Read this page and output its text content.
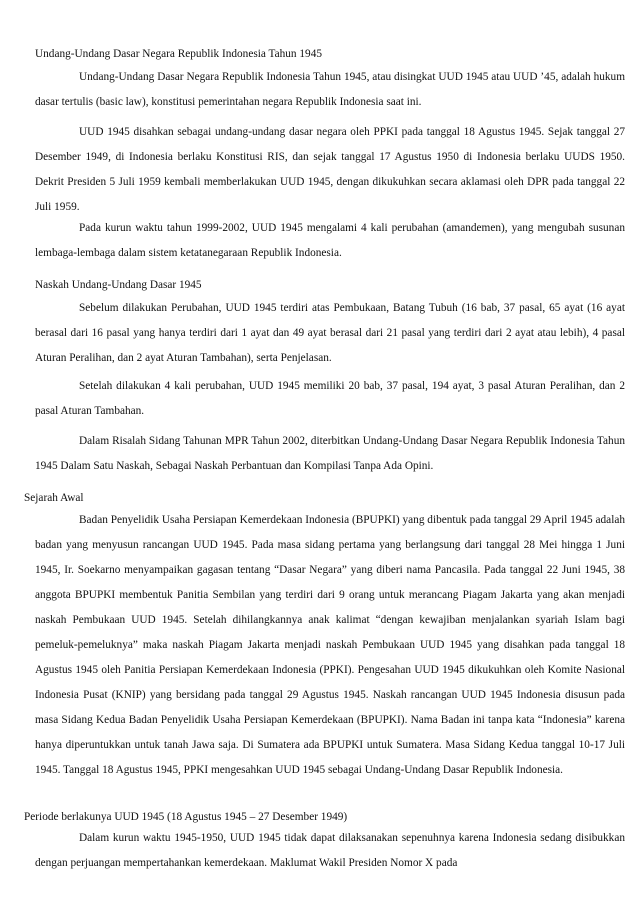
Undang-Undang Dasar Negara Republik Indonesia Tahun 1945
Undang-Undang Dasar Negara Republik Indonesia Tahun 1945, atau disingkat UUD 1945 atau UUD ’45, adalah hukum dasar tertulis (basic law), konstitusi pemerintahan negara Republik Indonesia saat ini.
UUD 1945 disahkan sebagai undang-undang dasar negara oleh PPKI pada tanggal 18 Agustus 1945. Sejak tanggal 27 Desember 1949, di Indonesia berlaku Konstitusi RIS, dan sejak tanggal 17 Agustus 1950 di Indonesia berlaku UUDS 1950. Dekrit Presiden 5 Juli 1959 kembali memberlakukan UUD 1945, dengan dikukuhkan secara aklamasi oleh DPR pada tanggal 22 Juli 1959.
Pada kurun waktu tahun 1999-2002, UUD 1945 mengalami 4 kali perubahan (amandemen), yang mengubah susunan lembaga-lembaga dalam sistem ketatanegaraan Republik Indonesia.
Naskah Undang-Undang Dasar 1945
Sebelum dilakukan Perubahan, UUD 1945 terdiri atas Pembukaan, Batang Tubuh (16 bab, 37 pasal, 65 ayat (16 ayat berasal dari 16 pasal yang hanya terdiri dari 1 ayat dan 49 ayat berasal dari 21 pasal yang terdiri dari 2 ayat atau lebih), 4 pasal Aturan Peralihan, dan 2 ayat Aturan Tambahan), serta Penjelasan.
Setelah dilakukan 4 kali perubahan, UUD 1945 memiliki 20 bab, 37 pasal, 194 ayat, 3 pasal Aturan Peralihan, dan 2 pasal Aturan Tambahan.
Dalam Risalah Sidang Tahunan MPR Tahun 2002, diterbitkan Undang-Undang Dasar Negara Republik Indonesia Tahun 1945 Dalam Satu Naskah, Sebagai Naskah Perbantuan dan Kompilasi Tanpa Ada Opini.
Sejarah Awal
Badan Penyelidik Usaha Persiapan Kemerdekaan Indonesia (BPUPKI) yang dibentuk pada tanggal 29 April 1945 adalah badan yang menyusun rancangan UUD 1945. Pada masa sidang pertama yang berlangsung dari tanggal 28 Mei hingga 1 Juni 1945, Ir. Soekarno menyampaikan gagasan tentang “Dasar Negara” yang diberi nama Pancasila. Pada tanggal 22 Juni 1945, 38 anggota BPUPKI membentuk Panitia Sembilan yang terdiri dari 9 orang untuk merancang Piagam Jakarta yang akan menjadi naskah Pembukaan UUD 1945. Setelah dihilangkannya anak kalimat “dengan kewajiban menjalankan syariah Islam bagi pemeluk-pemeluknya” maka naskah Piagam Jakarta menjadi naskah Pembukaan UUD 1945 yang disahkan pada tanggal 18 Agustus 1945 oleh Panitia Persiapan Kemerdekaan Indonesia (PPKI). Pengesahan UUD 1945 dikukuhkan oleh Komite Nasional Indonesia Pusat (KNIP) yang bersidang pada tanggal 29 Agustus 1945. Naskah rancangan UUD 1945 Indonesia disusun pada masa Sidang Kedua Badan Penyelidik Usaha Persiapan Kemerdekaan (BPUPKI). Nama Badan ini tanpa kata “Indonesia” karena hanya diperuntukkan untuk tanah Jawa saja. Di Sumatera ada BPUPKI untuk Sumatera. Masa Sidang Kedua tanggal 10-17 Juli 1945. Tanggal 18 Agustus 1945, PPKI mengesahkan UUD 1945 sebagai Undang-Undang Dasar Republik Indonesia.
Periode berlakunya UUD 1945 (18 Agustus 1945 – 27 Desember 1949)
Dalam kurun waktu 1945-1950, UUD 1945 tidak dapat dilaksanakan sepenuhnya karena Indonesia sedang disibukkan dengan perjuangan mempertahankan kemerdekaan. Maklumat Wakil Presiden Nomor X pada
